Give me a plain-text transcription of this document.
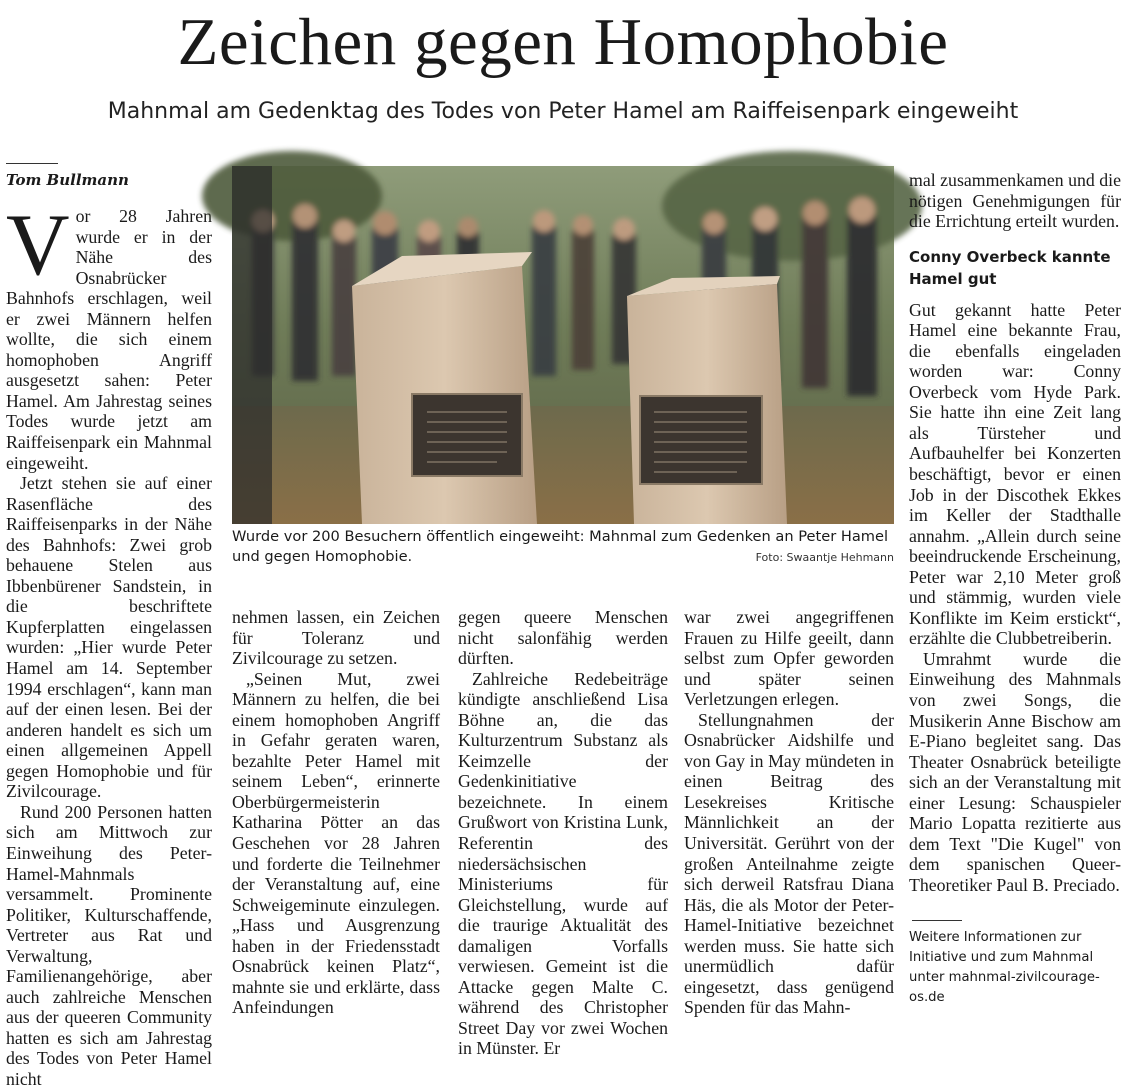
Zeichen gegen Homophobie
Mahnmal am Gedenktag des Todes von Peter Hamel am Raiffeisenpark eingeweiht
Tom Bullmann
V or 28 Jahren wurde er in der Nähe des Osnabrücker Bahnhofs erschlagen, weil er zwei Männern helfen wollte, die sich einem homophoben Angriff ausgesetzt sahen: Peter Hamel. Am Jahrestag seines Todes wurde jetzt am Raiffeisenpark ein Mahnmal eingeweiht.

Jetzt stehen sie auf einer Rasenfläche des Raiffeisenparks in der Nähe des Bahnhofs: Zwei grob behauene Stelen aus Ibbenbürener Sandstein, in die beschriftete Kupferplatten eingelassen wurden: „Hier wurde Peter Hamel am 14. September 1994 erschlagen“, kann man auf der einen lesen. Bei der anderen handelt es sich um einen allgemeinen Appell gegen Homophobie und für Zivilcourage.

Rund 200 Personen hatten sich am Mittwoch zur Einweihung des Peter-Hamel-Mahnmals versammelt. Prominente Politiker, Kulturschaffende, Vertreter aus Rat und Verwaltung, Familienangehörige, aber auch zahlreiche Menschen aus der queeren Community hatten es sich am Jahrestag des Todes von Peter Hamel nicht

Wurde vor 200 Besuchern öffentlich eingeweiht: Mahnmal zum Gedenken an Peter Hamel und gegen Homophobie.	Foto: Swaantje Hehmann

nehmen lassen, ein Zeichen für Toleranz und Zivilcourage zu setzen.

„Seinen Mut, zwei Männern zu helfen, die bei einem homophoben Angriff in Gefahr geraten waren, bezahlte Peter Hamel mit seinem Leben“, erinnerte Oberbürgermeisterin Katharina Pötter an das Geschehen vor 28 Jahren und forderte die Teilnehmer der Veranstaltung auf, eine Schweigeminute einzulegen. „Hass und Ausgrenzung haben in der Friedensstadt Osnabrück keinen Platz“, mahnte sie und erklärte, dass Anfeindungen

gegen queere Menschen nicht salonfähig werden dürften.

Zahlreiche Redebeiträge kündigte anschließend Lisa Böhne an, die das Kulturzentrum Substanz als Keimzelle der Gedenkinitiative bezeichnete. In einem Grußwort von Kristina Lunk, Referentin des niedersächsischen Ministeriums für Gleichstellung, wurde auf die traurige Aktualität des damaligen Vorfalls verwiesen. Gemeint ist die Attacke gegen Malte C. während des Christopher Street Day vor zwei Wochen in Münster. Er

war zwei angegriffenen Frauen zu Hilfe geeilt, dann selbst zum Opfer geworden und später seinen Verletzungen erlegen.

Stellungnahmen der Osnabrücker Aidshilfe und von Gay in May mündeten in einen Beitrag des Lesekreises Kritische Männlichkeit an der Universität. Gerührt von der großen Anteilnahme zeigte sich derweil Ratsfrau Diana Häs, die als Motor der Peter-Hamel-Initiative bezeichnet werden muss. Sie hatte sich unermüdlich dafür eingesetzt, dass genügend Spenden für das Mahn-

mal zusammenkamen und die nötigen Genehmigungen für die Errichtung erteilt wurden.

Conny Overbeck kannte Hamel gut

Gut gekannt hatte Peter Hamel eine bekannte Frau, die ebenfalls eingeladen worden war: Conny Overbeck vom Hyde Park. Sie hatte ihn eine Zeit lang als Türsteher und Aufbauhelfer bei Konzerten beschäftigt, bevor er einen Job in der Discothek Ekkes im Keller der Stadthalle annahm. „Allein durch seine beeindruckende Erscheinung, Peter war 2,10 Meter groß und stämmig, wurden viele Konflikte im Keim erstickt“, erzählte die Clubbetreiberin.

Umrahmt wurde die Einweihung des Mahnmals von zwei Songs, die Musikerin Anne Bischow am E-Piano begleitet sang. Das Theater Osnabrück beteiligte sich an der Veranstaltung mit einer Lesung: Schauspieler Mario Lopatta rezitierte aus dem Text "Die Kugel" von dem spanischen Queer-Theoretiker Paul B. Preciado.

Weitere Informationen zur Initiative und zum Mahnmal unter mahnmal-zivilcourage-os.de
